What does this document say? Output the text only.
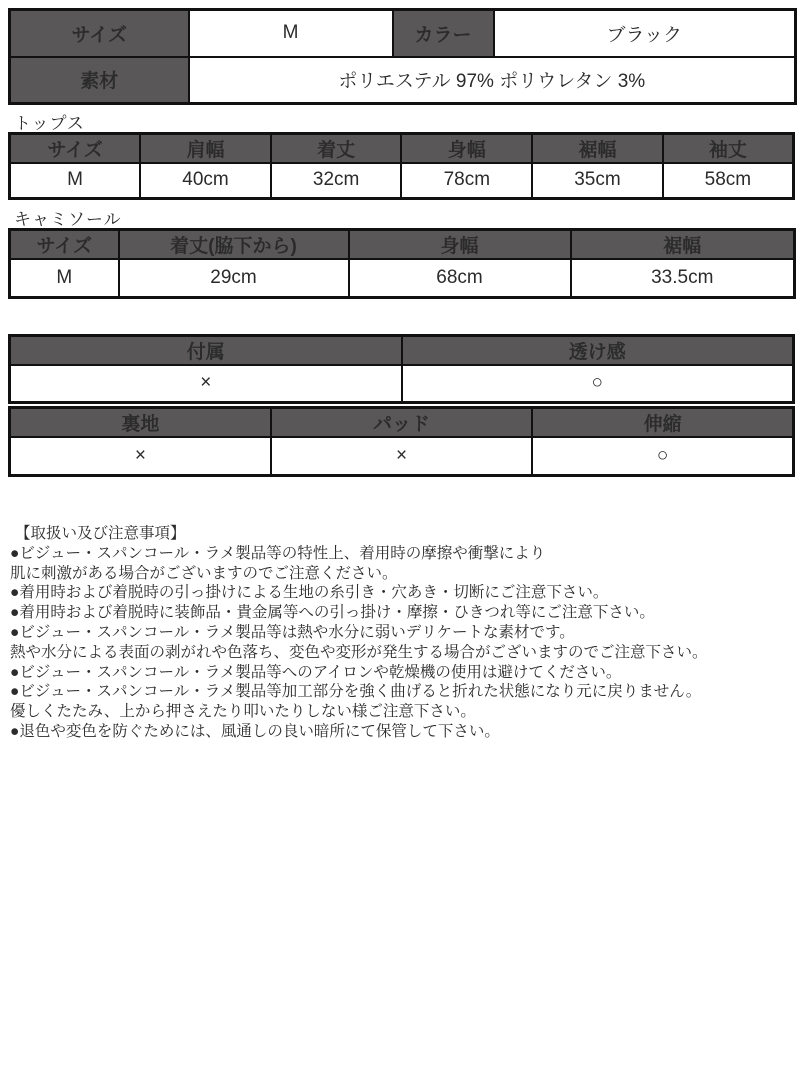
サイズ	M	カラー	ブラック
素材	ポリエステル 97% ポリウレタン 3%		
トップス
サイズ	肩幅	着丈	身幅	裾幅	袖丈
M	40cm	32cm	78cm	35cm	58cm
キャミソール
サイズ	着丈(脇下から)	身幅	裾幅
M	29cm	68cm	33.5cm
付属	透け感
×	○
裏地	パッド	伸縮
×	×	○
【取扱い及び注意事項】
●ビジュー・スパンコール・ラメ製品等の特性上、着用時の摩擦や衝撃により
肌に刺激がある場合がございますのでご注意ください。
●着用時および着脱時の引っ掛けによる生地の糸引き・穴あき・切断にご注意下さい。
●着用時および着脱時に装飾品・貴金属等への引っ掛け・摩擦・ひきつれ等にご注意下さい。
●ビジュー・スパンコール・ラメ製品等は熱や水分に弱いデリケートな素材です。
熱や水分による表面の剥がれや色落ち、変色や変形が発生する場合がございますのでご注意下さい。
●ビジュー・スパンコール・ラメ製品等へのアイロンや乾燥機の使用は避けてください。
●ビジュー・スパンコール・ラメ製品等加工部分を強く曲げると折れた状態になり元に戻りません。
優しくたたみ、上から押さえたり叩いたりしない様ご注意下さい。
●退色や変色を防ぐためには、風通しの良い暗所にて保管して下さい。
